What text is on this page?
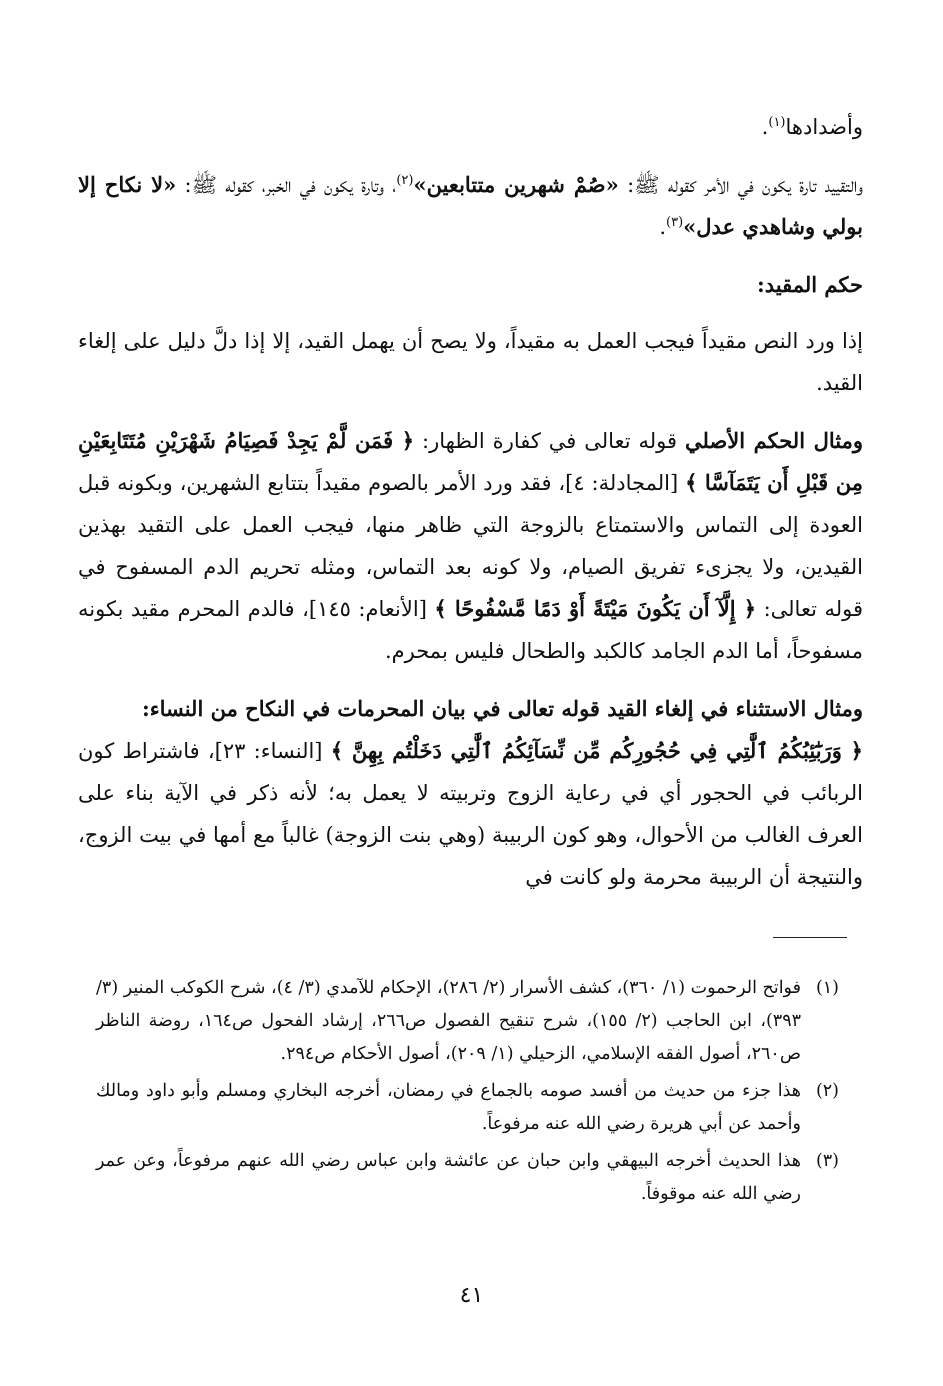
وأضدادها$^{(١)}$.

والتقييد تارة يكون في الأمر كقوله ﷺ: «صُمْ شهرين متتابعين»$^{(٢)}$، وتارة يكون في الخبر، كقوله ﷺ: «لا نكاح إلا بولي وشاهدي عدل»$^{(٣)}$.

حكم المقيد:

إذا ورد النص مقيداً فيجب العمل به مقيداً، ولا يصح أن يهمل القيد، إلا إذا دلَّ دليل على إلغاء القيد.

ومثال الحكم الأصلي قوله تعالى في كفارة الظهار: ﴿ فَمَن لَّمْ يَجِدْ فَصِيَامُ شَهْرَيْنِ مُتَتَابِعَيْنِ مِن قَبْلِ أَن يَتَمَآسَّا ﴾ [المجادلة: ٤]، فقد ورد الأمر بالصوم مقيداً بتتابع الشهرين، وبكونه قبل العودة إلى التماس والاستمتاع بالزوجة التي ظاهر منها، فيجب العمل على التقيد بهذين القيدين، ولا يجزىء تفريق الصيام، ولا كونه بعد التماس، ومثله تحريم الدم المسفوح في قوله تعالى: ﴿ إِلَّآ أَن يَكُونَ مَيْتَةً أَوْ دَمًا مَّسْفُوحًا ﴾ [الأنعام: ١٤٥]، فالدم المحرم مقيد بكونه مسفوحاً، أما الدم الجامد كالكبد والطحال فليس بمحرم.

ومثال الاستثناء في إلغاء القيد قوله تعالى في بيان المحرمات في النكاح من النساء:
﴿ وَرَبَٰٓئِبُكُمُ ٱلَّٰتِي فِي حُجُورِكُم مِّن نِّسَآئِكُمُ ٱلَّٰتِي دَخَلْتُم بِهِنَّ ﴾ [النساء: ٢٣]، فاشتراط كون الربائب في الحجور أي في رعاية الزوج وتربيته لا يعمل به؛ لأنه ذكر في الآية بناء على العرف الغالب من الأحوال، وهو كون الربيبة (وهي بنت الزوجة) غالباً مع أمها في بيت الزوج، والنتيجة أن الربيبة محرمة ولو كانت في

(١)
فواتح الرحموت (١/ ٣٦٠)، كشف الأسرار (٢/ ٢٨٦)، الإحكام للآمدي (٣/ ٤)، شرح الكوكب المنير (٣/ ٣٩٣)، ابن الحاجب (٢/ ١٥٥)، شرح تنقيح الفصول ص٢٦٦، إرشاد الفحول ص١٦٤، روضة الناظر ص٢٦٠، أصول الفقه الإسلامي، الزحيلي (١/ ٢٠٩)، أصول الأحكام ص٢٩٤.
(٢)
هذا جزء من حديث من أفسد صومه بالجماع في رمضان، أخرجه البخاري ومسلم وأبو داود ومالك وأحمد عن أبي هريرة رضي الله عنه مرفوعاً.
(٣)
هذا الحديث أخرجه البيهقي وابن حبان عن عائشة وابن عباس رضي الله عنهم مرفوعاً، وعن عمر رضي الله عنه موقوفاً.
٤١
